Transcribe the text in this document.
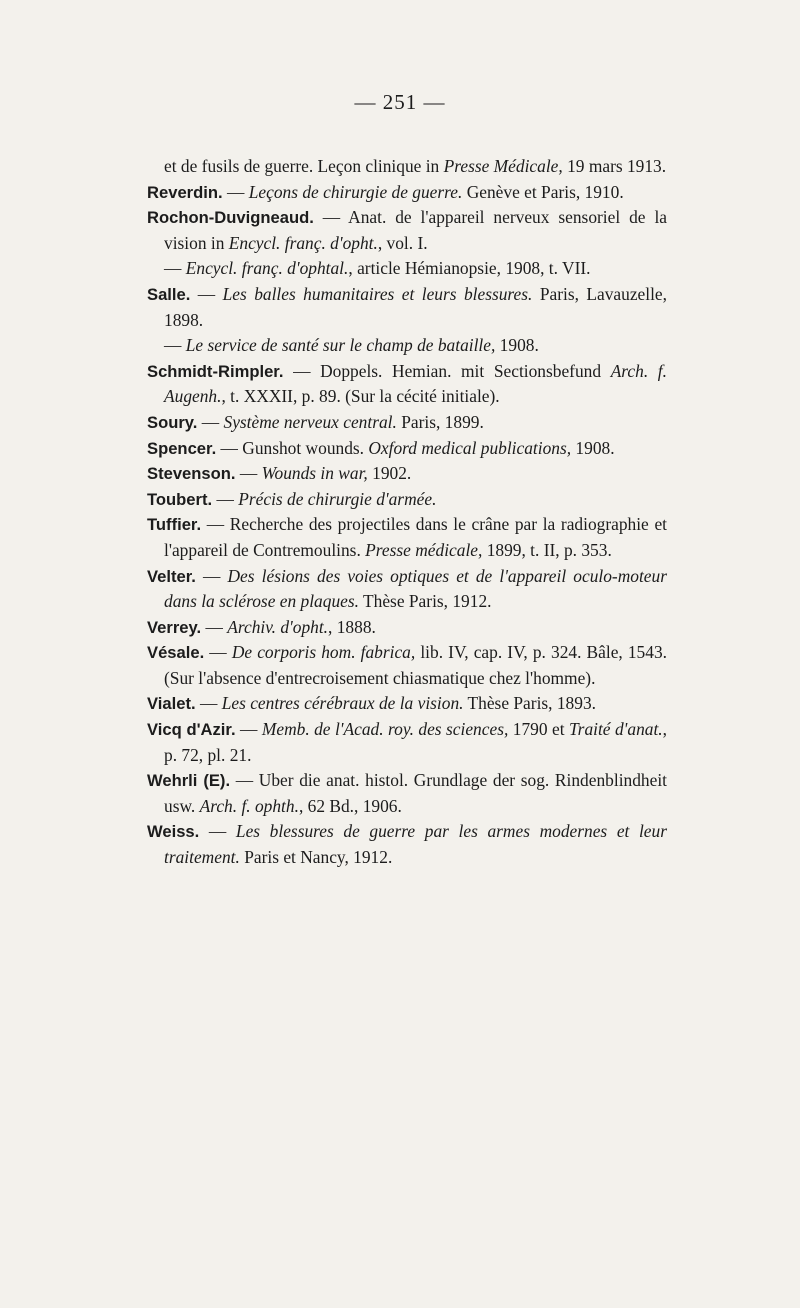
— 251 —
et de fusils de guerre. Leçon clinique in Presse Médicale, 19 mars 1913.
Reverdin. — Leçons de chirurgie de guerre. Genève et Paris, 1910.
Rochon-Duvigneaud. — Anat. de l'appareil nerveux sensoriel de la vision in Encycl. franç. d'opht., vol. I.
— Encycl. franç. d'ophtal., article Hémianopsie, 1908, t. VII.
Salle. — Les balles humanitaires et leurs blessures. Paris, Lavauzelle, 1898.
— Le service de santé sur le champ de bataille, 1908.
Schmidt-Rimpler. — Doppels. Hemian. mit Sectionsbefund Arch. f. Augenh., t. XXXII, p. 89. (Sur la cécité initiale).
Soury. — Système nerveux central. Paris, 1899.
Spencer. — Gunshot wounds. Oxford medical publications, 1908.
Stevenson. — Wounds in war, 1902.
Toubert. — Précis de chirurgie d'armée.
Tuffier. — Recherche des projectiles dans le crâne par la radiographie et l'appareil de Contremoulins. Presse médicale, 1899, t. II, p. 353.
Velter. — Des lésions des voies optiques et de l'appareil oculo-moteur dans la sclérose en plaques. Thèse Paris, 1912.
Verrey. — Archiv. d'opht., 1888.
Vésale. — De corporis hom. fabrica, lib. IV, cap. IV, p. 324. Bâle, 1543. (Sur l'absence d'entrecroisement chiasmatique chez l'homme).
Vialet. — Les centres cérébraux de la vision. Thèse Paris, 1893.
Vicq d'Azir. — Memb. de l'Acad. roy. des sciences, 1790 et Traité d'anat., p. 72, pl. 21.
Wehrli (E). — Uber die anat. histol. Grundlage der sog. Rindenblindheit usw. Arch. f. ophth., 62 Bd., 1906.
Weiss. — Les blessures de guerre par les armes modernes et leur traitement. Paris et Nancy, 1912.
